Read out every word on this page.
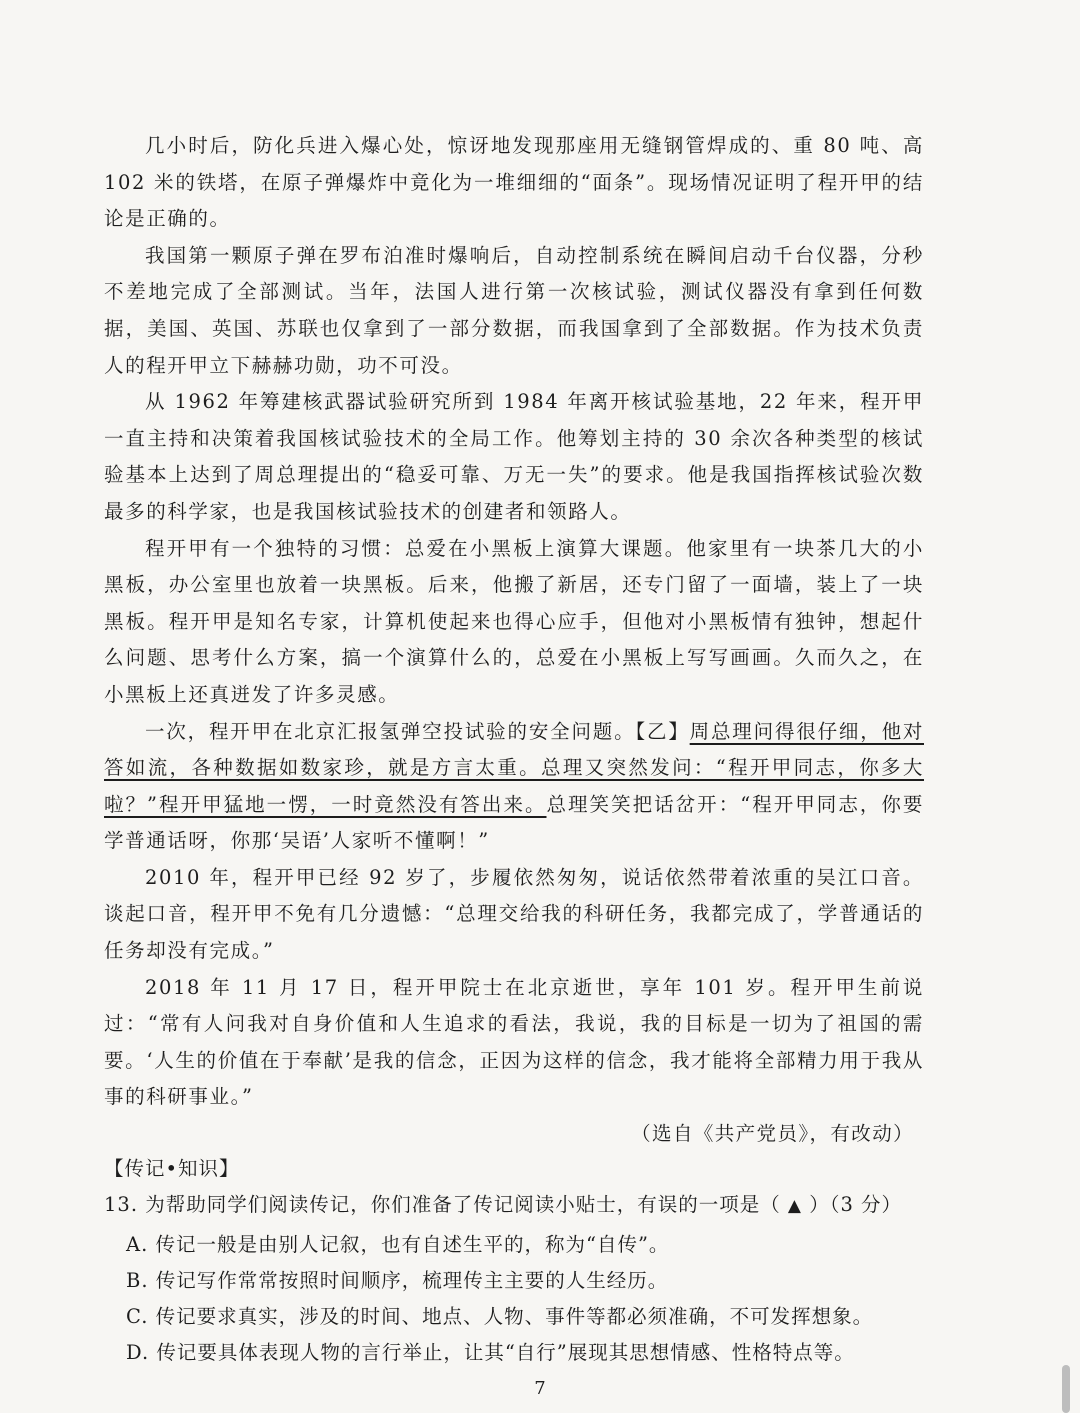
几小时后，防化兵进入爆心处，惊讶地发现那座用无缝钢管焊成的、重 80 吨、高 102 米的铁塔，在原子弹爆炸中竟化为一堆细细的“面条”。现场情况证明了程开甲的结论是正确的。

我国第一颗原子弹在罗布泊准时爆响后，自动控制系统在瞬间启动千台仪器，分秒不差地完成了全部测试。当年，法国人进行第一次核试验，测试仪器没有拿到任何数据，美国、英国、苏联也仅拿到了一部分数据，而我国拿到了全部数据。作为技术负责人的程开甲立下赫赫功勋，功不可没。

从 1962 年筹建核武器试验研究所到 1984 年离开核试验基地，22 年来，程开甲一直主持和决策着我国核试验技术的全局工作。他筹划主持的 30 余次各种类型的核试验基本上达到了周总理提出的“稳妥可靠、万无一失”的要求。他是我国指挥核试验次数最多的科学家，也是我国核试验技术的创建者和领路人。

程开甲有一个独特的习惯：总爱在小黑板上演算大课题。他家里有一块茶几大的小黑板，办公室里也放着一块黑板。后来，他搬了新居，还专门留了一面墙，装上了一块黑板。程开甲是知名专家，计算机使起来也得心应手，但他对小黑板情有独钟，想起什么问题、思考什么方案，搞一个演算什么的，总爱在小黑板上写写画画。久而久之，在小黑板上还真迸发了许多灵感。

一次，程开甲在北京汇报氢弹空投试验的安全问题。【乙】周总理问得很仔细，他对答如流，各种数据如数家珍，就是方言太重。总理又突然发问：“程开甲同志，你多大啦？”程开甲猛地一愣，一时竟然没有答出来。总理笑笑把话岔开：“程开甲同志，你要学普通话呀，你那‘吴语’人家听不懂啊！”

2010 年，程开甲已经 92 岁了，步履依然匆匆，说话依然带着浓重的吴江口音。谈起口音，程开甲不免有几分遗憾：“总理交给我的科研任务，我都完成了，学普通话的任务却没有完成。”

2018 年 11 月 17 日，程开甲院士在北京逝世，享年 101 岁。程开甲生前说过：“常有人问我对自身价值和人生追求的看法，我说，我的目标是一切为了祖国的需要。‘人生的价值在于奉献’是我的信念，正因为这样的信念，我才能将全部精力用于我从事的科研事业。”

（选自《共产党员》，有改动）
【传记•知识】

13. 为帮助同学们阅读传记，你们准备了传记阅读小贴士，有误的一项是（ ▲ ）（3 分）

A. 传记一般是由别人记叙，也有自述生平的，称为“自传”。
B. 传记写作常常按照时间顺序，梳理传主主要的人生经历。
C. 传记要求真实，涉及的时间、地点、人物、事件等都必须准确，不可发挥想象。
D. 传记要具体表现人物的言行举止，让其“自行”展现其思想情感、性格特点等。
7
